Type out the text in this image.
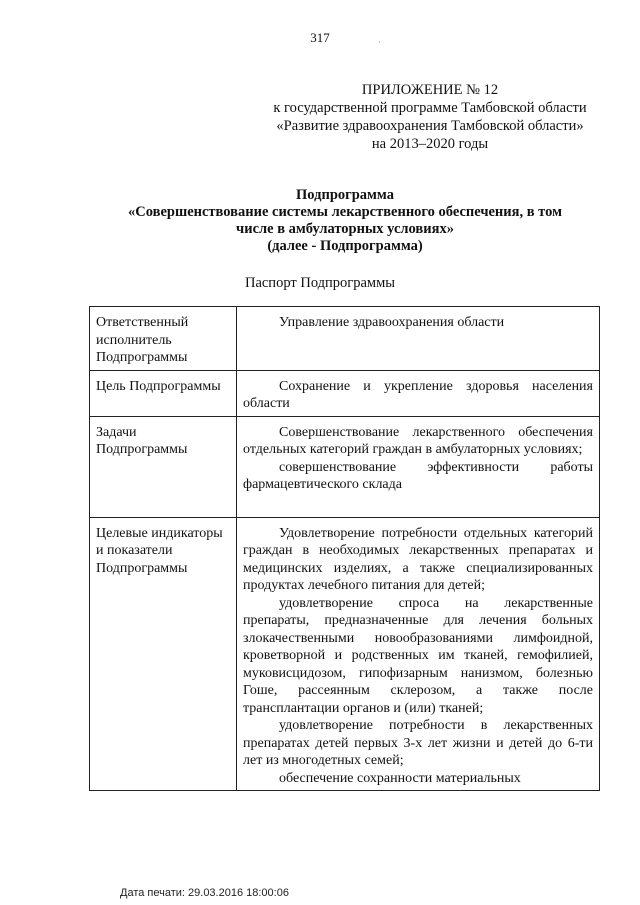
317	·
ПРИЛОЖЕНИЕ № 12
к государственной программе Тамбовской области
«Развитие здравоохранения Тамбовской области»
на 2013–2020 годы
Подпрограмма
«Совершенствование системы лекарственного обеспечения, в том
числе в амбулаторных условиях»
(далее - Подпрограмма)
Паспорт Подпрограммы
Ответственный исполнитель Подпрограммы	Управление здравоохранения области

Цель Подпрограммы	Сохранение и укрепление здоровья населения области

Задачи Подпрограммы	Совершенствование лекарственного обеспечения отдельных категорий граждан в амбулаторных условиях;
совершенствование эффективности работы фармацевтического склада

Целевые индикаторы и показатели Подпрограммы	Удовлетворение потребности отдельных категорий граждан в необходимых лекарственных препаратах и медицинских изделиях, а также специализированных продуктах лечебного питания для детей;
удовлетворение спроса на лекарственные препараты, предназначенные для лечения больных злокачественными новообразованиями лимфоидной, кроветворной и родственных им тканей, гемофилией, муковисцидозом, гипофизарным нанизмом, болезнью Гоше, рассеянным склерозом, а также после трансплантации органов и (или) тканей;
удовлетворение потребности в лекарственных препаратах детей первых 3-х лет жизни и детей до 6-ти лет из многодетных семей;
обеспечение сохранности материальных
Дата печати: 29.03.2016 18:00:06
